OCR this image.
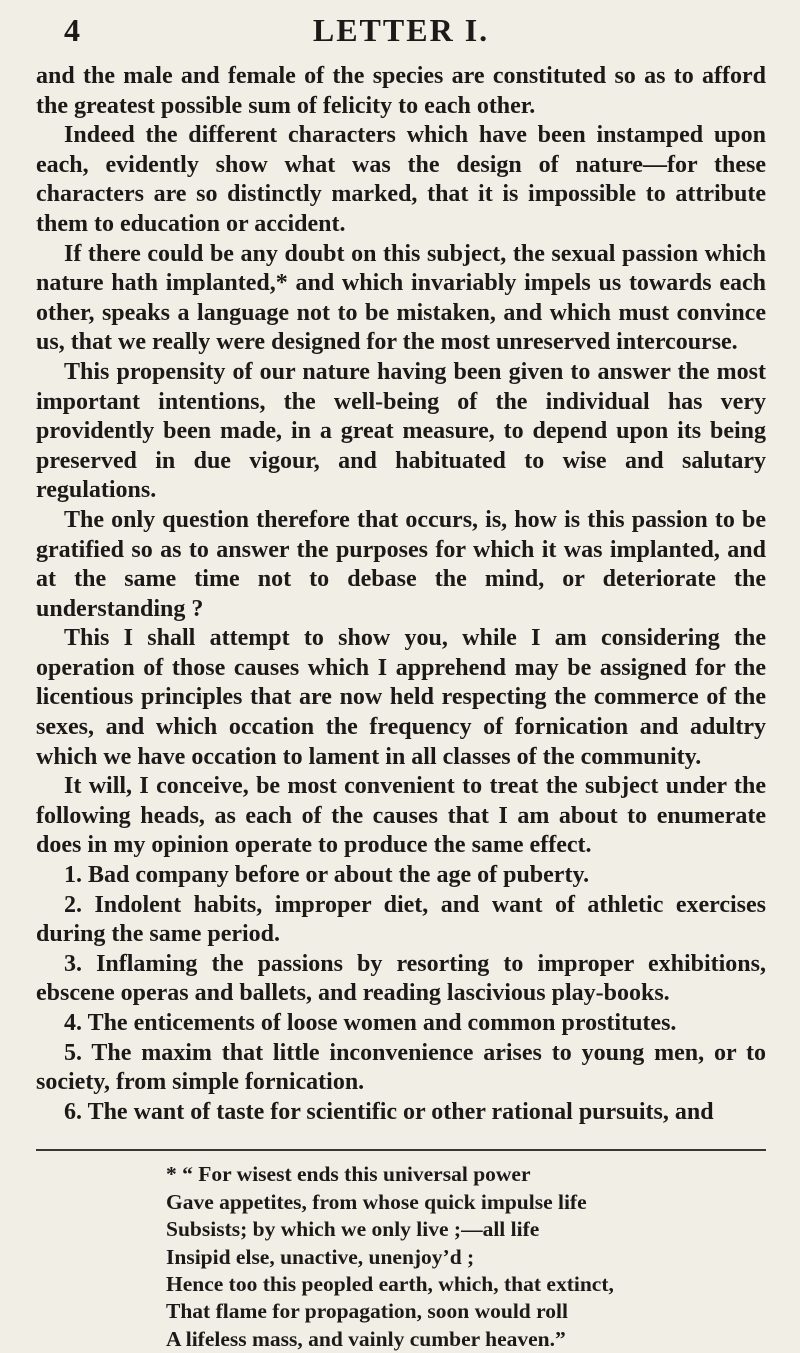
4	LETTER I.

and the male and female of the species are constituted so as to afford the greatest possible sum of felicity to each other.

Indeed the different characters which have been instamped upon each, evidently show what was the design of nature—for these characters are so distinctly marked, that it is impossible to attribute them to education or accident.

If there could be any doubt on this subject, the sexual passion which nature hath implanted,* and which invariably impels us towards each other, speaks a language not to be mistaken, and which must convince us, that we really were designed for the most unreserved intercourse.

This propensity of our nature having been given to answer the most important intentions, the well-being of the individual has very providently been made, in a great measure, to depend upon its being preserved in due vigour, and habituated to wise and salutary regulations.

The only question therefore that occurs, is, how is this passion to be gratified so as to answer the purposes for which it was implanted, and at the same time not to debase the mind, or deteriorate the understanding ?

This I shall attempt to show you, while I am considering the operation of those causes which I apprehend may be assigned for the licentious principles that are now held respecting the commerce of the sexes, and which occation the frequency of fornication and adultry which we have occation to lament in all classes of the community.

It will, I conceive, be most convenient to treat the subject under the following heads, as each of the causes that I am about to enumerate does in my opinion operate to produce the same effect.

1. Bad company before or about the age of puberty.

2. Indolent habits, improper diet, and want of athletic exercises during the same period.

3. Inflaming the passions by resorting to improper exhibitions, ebscene operas and ballets, and reading lascivious play-books.

4. The enticements of loose women and common prostitutes.

5. The maxim that little inconvenience arises to young men, or to society, from simple fornication.

6. The want of taste for scientific or other rational pursuits, and

* “ For wisest ends this universal power
Gave appetites, from whose quick impulse life
Subsists; by which we only live ;—all life
Insipid else, unactive, unenjoy’d ;
Hence too this peopled earth, which, that extinct,
That flame for propagation, soon would roll
A lifeless mass, and vainly cumber heaven.”
